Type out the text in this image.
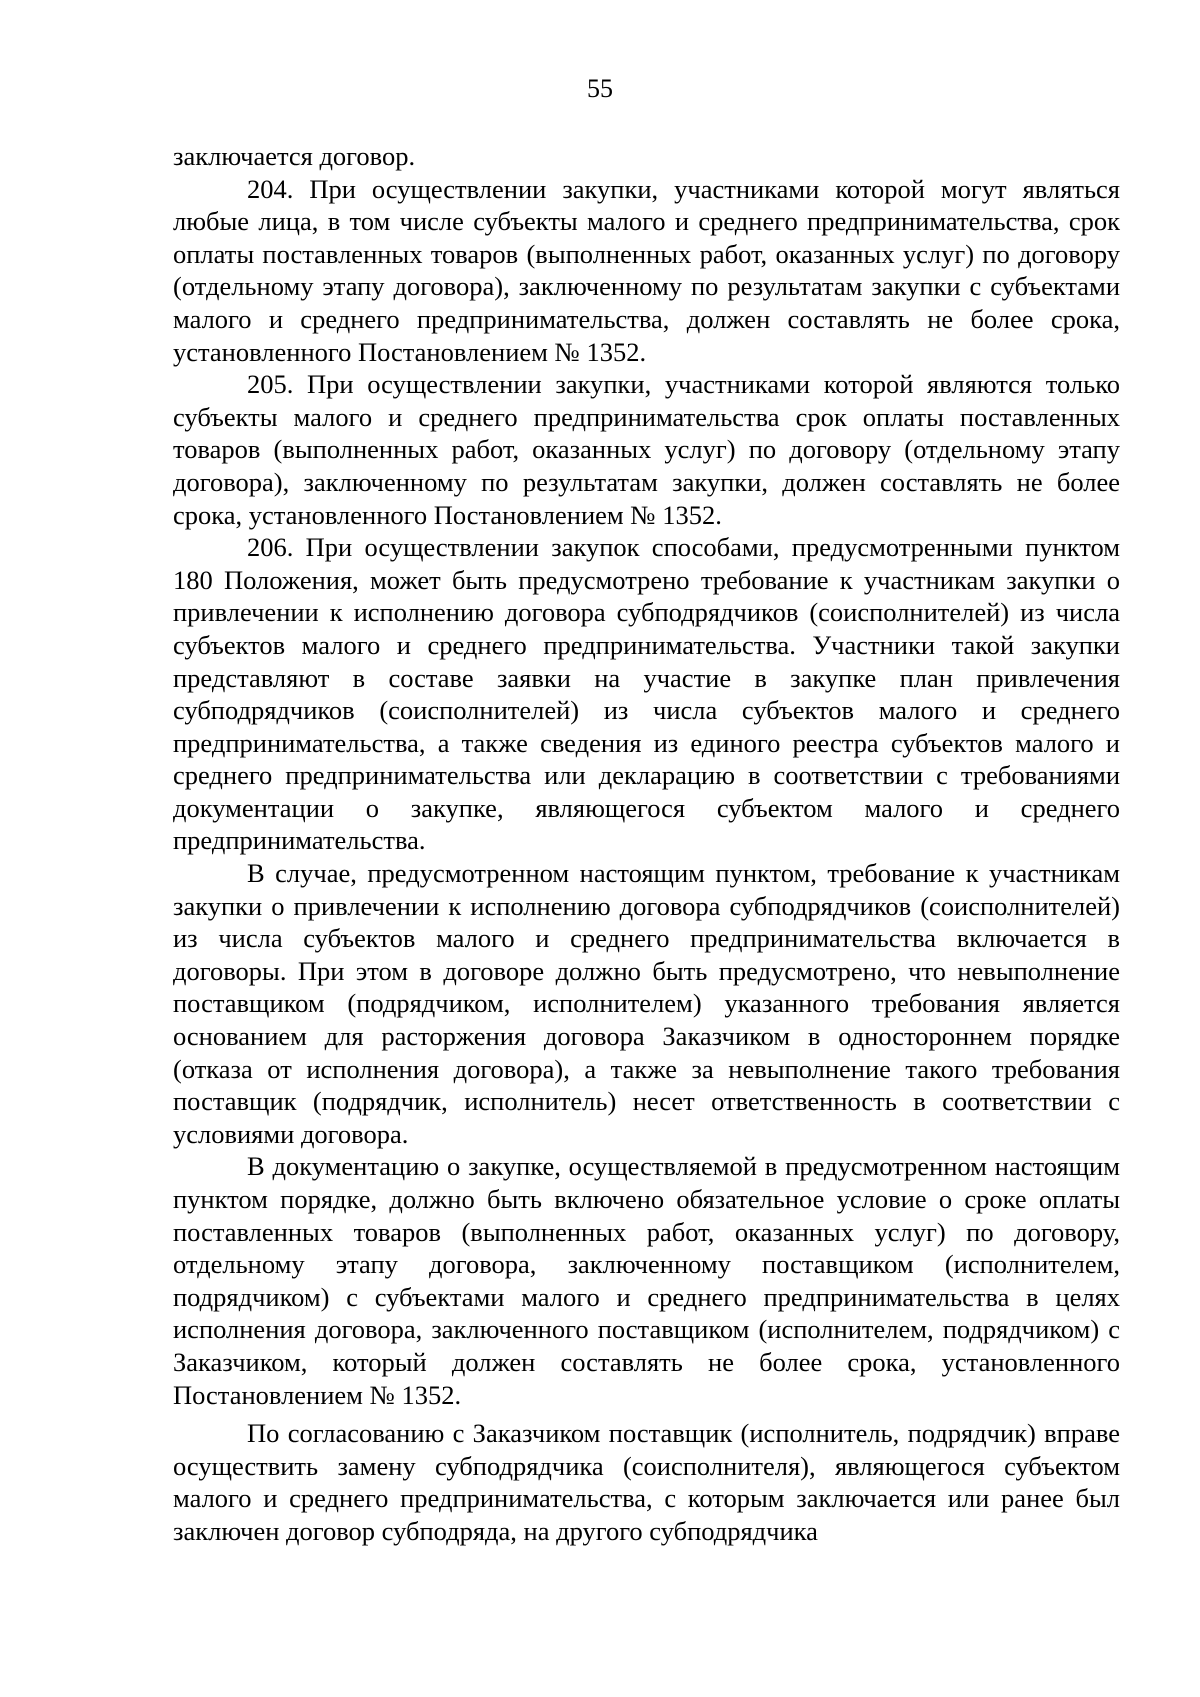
55

заключается договор.

204. При осуществлении закупки, участниками которой могут являться любые лица, в том числе субъекты малого и среднего предпринимательства, срок оплаты поставленных товаров (выполненных работ, оказанных услуг) по договору (отдельному этапу договора), заключенному по результатам закупки с субъектами малого и среднего предпринимательства, должен составлять не более срока, установленного Постановлением № 1352.

205. При осуществлении закупки, участниками которой являются только субъекты малого и среднего предпринимательства срок оплаты поставленных товаров (выполненных работ, оказанных услуг) по договору (отдельному этапу договора), заключенному по результатам закупки, должен составлять не более срока, установленного Постановлением № 1352.

206. При осуществлении закупок способами, предусмотренными пунктом 180 Положения, может быть предусмотрено требование к участникам закупки о привлечении к исполнению договора субподрядчиков (соисполнителей) из числа субъектов малого и среднего предпринимательства. Участники такой закупки представляют в составе заявки на участие в закупке план привлечения субподрядчиков (соисполнителей) из числа субъектов малого и среднего предпринимательства, а также сведения из единого реестра субъектов малого и среднего предпринимательства или декларацию в соответствии с требованиями документации о закупке, являющегося субъектом малого и среднего предпринимательства.

В случае, предусмотренном настоящим пунктом, требование к участникам закупки о привлечении к исполнению договора субподрядчиков (соисполнителей) из числа субъектов малого и среднего предпринимательства включается в договоры. При этом в договоре должно быть предусмотрено, что невыполнение поставщиком (подрядчиком, исполнителем) указанного требования является основанием для расторжения договора Заказчиком в одностороннем порядке (отказа от исполнения договора), а также за невыполнение такого требования поставщик (подрядчик, исполнитель) несет ответственность в соответствии с условиями договора.

В документацию о закупке, осуществляемой в предусмотренном настоящим пунктом порядке, должно быть включено обязательное условие о сроке оплаты поставленных товаров (выполненных работ, оказанных услуг) по договору, отдельному этапу договора, заключенному поставщиком (исполнителем, подрядчиком) с субъектами малого и среднего предпринимательства в целях исполнения договора, заключенного поставщиком (исполнителем, подрядчиком) с Заказчиком, который должен составлять не более срока, установленного Постановлением № 1352.

По согласованию с Заказчиком поставщик (исполнитель, подрядчик) вправе осуществить замену субподрядчика (соисполнителя), являющегося субъектом малого и среднего предпринимательства, с которым заключается или ранее был заключен договор субподряда, на другого субподрядчика
